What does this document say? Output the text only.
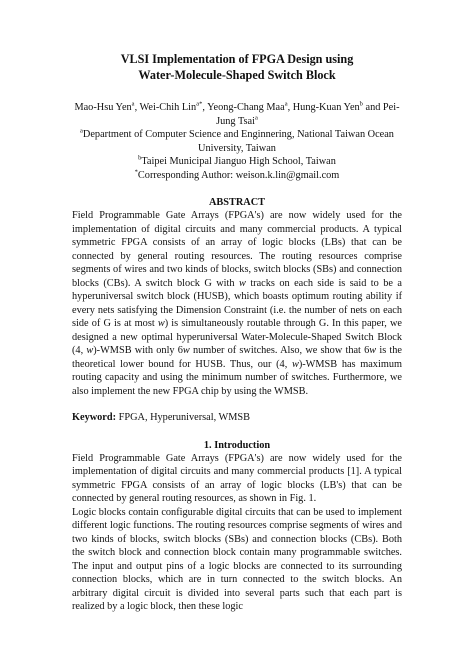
VLSI Implementation of FPGA Design using
Water-Molecule-Shaped Switch Block
Mao-Hsu Yen$^a$, Wei-Chih Lin$^{a*}$, Yeong-Chang Maa$^a$, Hung-Kuan Yen$^b$ and Pei-Jung Tsai$^a$
$^a$Department of Computer Science and Enginnering, National Taiwan Ocean University, Taiwan
$^b$Taipei Municipal Jianguo High School, Taiwan
*Corresponding Author: weison.k.lin@gmail.com
ABSTRACT

Field Programmable Gate Arrays (FPGA's) are now widely used for the implementation of digital circuits and many commercial products. A typical symmetric FPGA consists of an array of logic blocks (LBs) that can be connected by general routing resources. The routing resources comprise segments of wires and two kinds of blocks, switch blocks (SBs) and connection blocks (CBs). A switch block G with w tracks on each side is said to be a hyperuniversal switch block (HUSB), which boasts optimum routing ability if every nets satisfying the Dimension Constraint (i.e. the number of nets on each side of G is at most w) is simultaneously routable through G. In this paper, we designed a new optimal hyperuniversal Water-Molecule-Shaped Switch Block (4, w)-WMSB with only 6w number of switches. Also, we show that 6w is the theoretical lower bound for HUSB. Thus, our (4, w)-WMSB has maximum routing capacity and using the minimum number of switches. Furthermore, we also implement the new FPGA chip by using the WMSB.

Keyword: FPGA, Hyperuniversal, WMSB
1. Introduction

Field Programmable Gate Arrays (FPGA's) are now widely used for the implementation of digital circuits and many commercial products [1]. A typical symmetric FPGA consists of an array of logic blocks (LB's) that can be connected by general routing resources, as shown in Fig. 1.

Logic blocks contain configurable digital circuits that can be used to implement different logic functions. The routing resources comprise segments of wires and two kinds of blocks, switch blocks (SBs) and connection blocks (CBs). Both the switch block and connection block contain many programmable switches. The input and output pins of a logic blocks are connected to its surrounding connection blocks, which are in turn connected to the switch blocks. An arbitrary digital circuit is divided into several parts such that each part is realized by a logic block, then these logic
